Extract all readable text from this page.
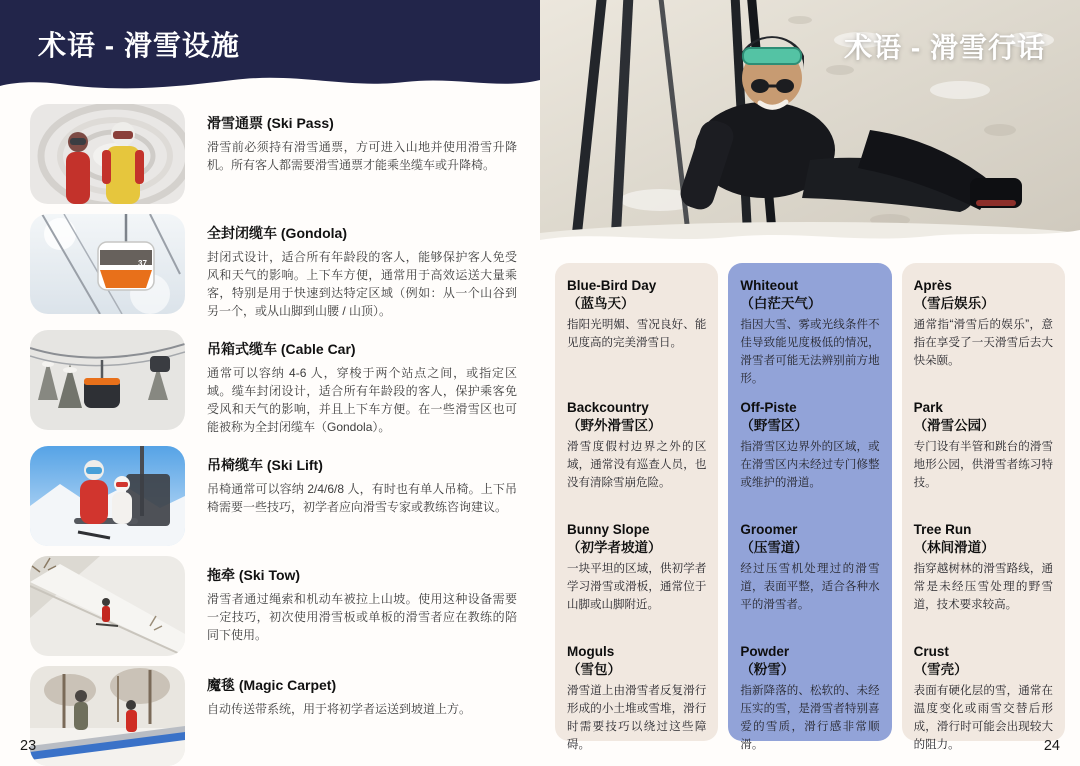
术语 - 滑雪设施
滑雪通票 (Ski Pass)
滑雪前必须持有滑雪通票，方可进入山地并使用滑雪升降机。所有客人都需要滑雪通票才能乘坐缆车或升降椅。
37
全封闭缆车 (Gondola)
封闭式设计，适合所有年龄段的客人，能够保护客人免受风和天气的影响。上下车方便，通常用于高效运送大量乘客，特别是用于快速到达特定区域（例如：从一个山谷到另一个，或从山脚到山腰 / 山顶）。
吊箱式缆车 (Cable Car)
通常可以容纳 4-6 人，穿梭于两个站点之间，或指定区域。缆车封闭设计，适合所有年龄段的客人，保护乘客免受风和天气的影响，并且上下车方便。在一些滑雪区也可能被称为全封闭缆车（Gondola）。
吊椅缆车 (Ski Lift)
吊椅通常可以容纳 2/4/6/8 人，有时也有单人吊椅。上下吊椅需要一些技巧，初学者应向滑雪专家或教练咨询建议。
拖牵 (Ski Tow)
滑雪者通过绳索和机动车被拉上山坡。使用这种设备需要一定技巧，初次使用滑雪板或单板的滑雪者应在教练的陪同下使用。
魔毯 (Magic Carpet)
自动传送带系统，用于将初学者运送到坡道上方。
23
术语 - 滑雪行话
Blue-Bird Day
（蓝鸟天）
指阳光明媚、雪况良好、能见度高的完美滑雪日。
Backcountry
（野外滑雪区）
滑雪度假村边界之外的区域，通常没有巡查人员，也没有清除雪崩危险。
Bunny Slope
（初学者坡道）
一块平坦的区域，供初学者学习滑雪或滑板，通常位于山脚或山脚附近。
Moguls
（雪包）
滑雪道上由滑雪者反复滑行形成的小土堆或雪堆，滑行时需要技巧以绕过这些障碍。
Whiteout
（白茫天气）
指因大雪、雾或光线条件不佳导致能见度极低的情况，滑雪者可能无法辨别前方地形。
Off-Piste
（野雪区）
指滑雪区边界外的区域，或在滑雪区内未经过专门修整或维护的滑道。
Groomer
（压雪道）
经过压雪机处理过的滑雪道，表面平整，适合各种水平的滑雪者。
Powder
（粉雪）
指新降落的、松软的、未经压实的雪，是滑雪者特别喜爱的雪质，滑行感非常顺滑。
Après
（雪后娱乐）
通常指“滑雪后的娱乐”，意指在享受了一天滑雪后去大快朵颐。
Park
（滑雪公园）
专门设有半管和跳台的滑雪地形公园，供滑雪者练习特技。
Tree Run
（林间滑道）
指穿越树林的滑雪路线，通常是未经压雪处理的野雪道，技术要求较高。
Crust
（雪壳）
表面有硬化层的雪，通常在温度变化或雨雪交替后形成，滑行时可能会出现较大的阻力。	24
